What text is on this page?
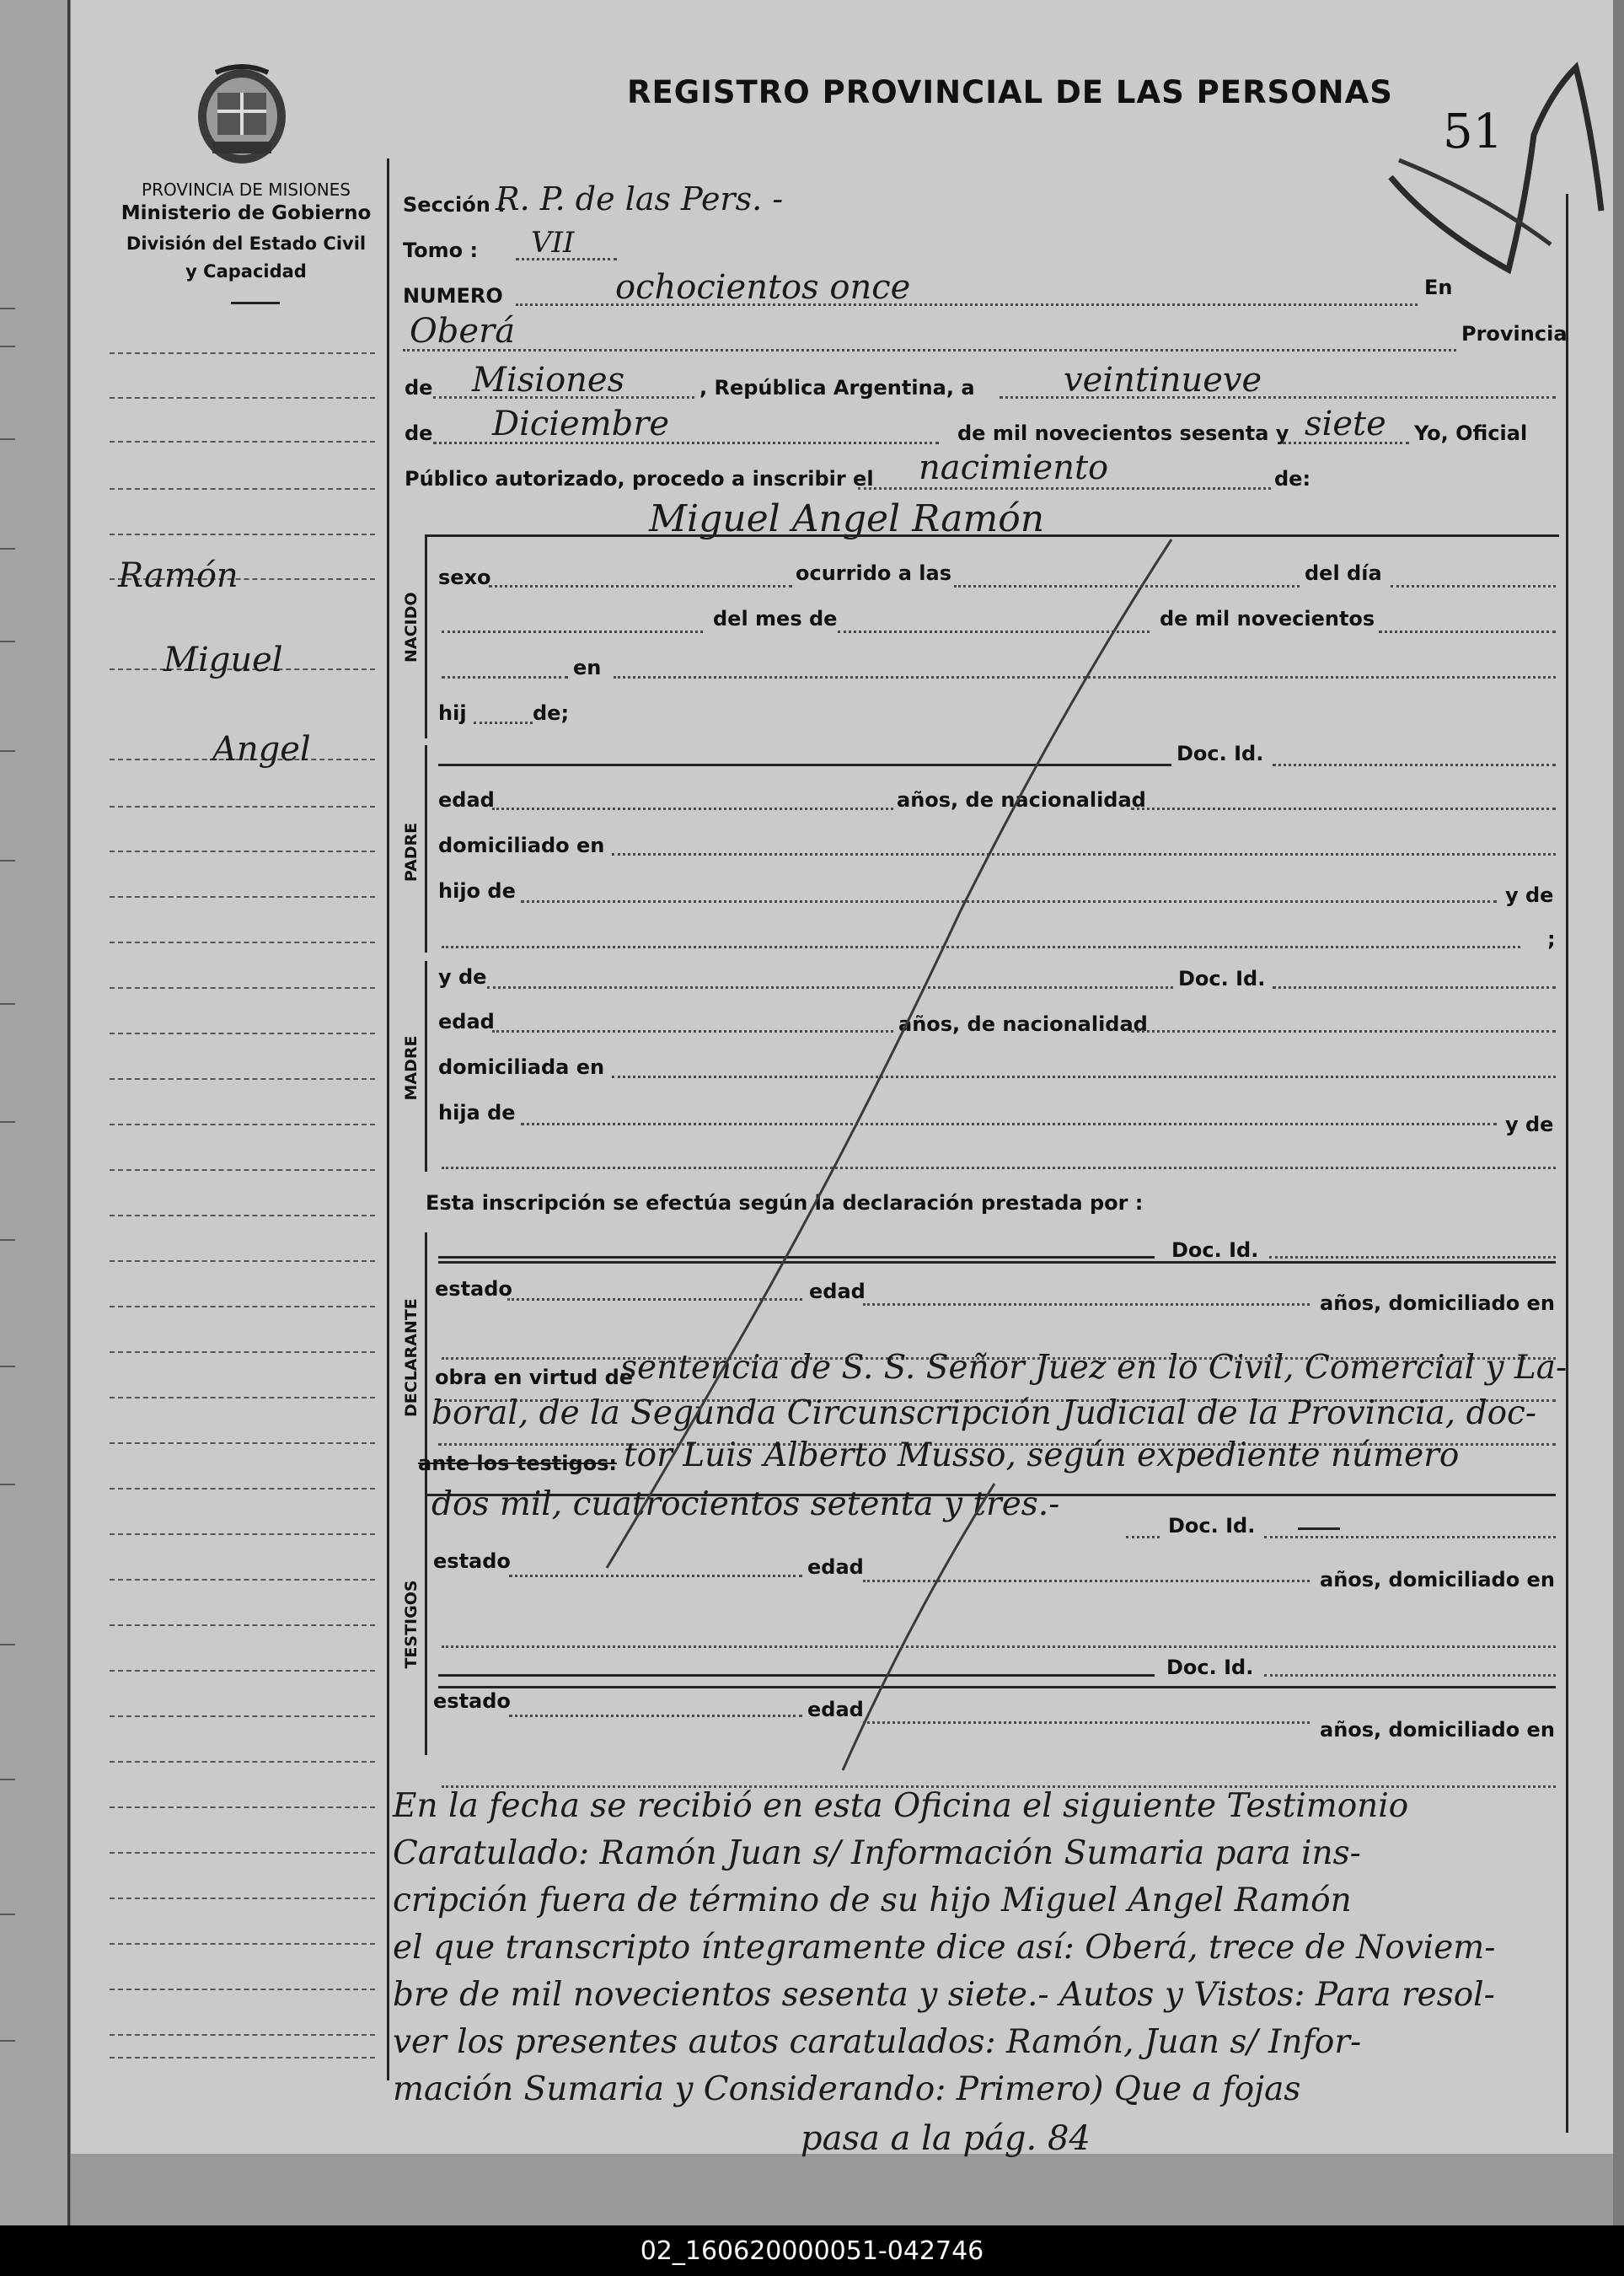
REGISTRO PROVINCIAL DE LAS PERSONAS
51
PROVINCIA DE MISIONES
Ministerio de Gobierno
División del Estado Civil
y Capacidad
Ramón
Miguel
Angel
Sección :
R. P. de las Pers. -
Tomo : VII
NUMERO	ochocientos once	En
Oberá	Provincia
de Misiones	, República Argentina, a	veintinueve
de Diciembre	de mil novecientos sesenta y siete Yo, Oficial
Público autorizado, procedo a inscribir el nacimiento	de:
Miguel Angel Ramón
NACIDO
sexo	ocurrido a las	del día
del mes de	de mil novecientos
en
hij	de;
PADRE
Doc. Id.
edad	años, de nacionalidad
domiciliado en
hijo de	y de
;
MADRE
y de	Doc. Id.
edad	años, de nacionalidad
domiciliada en
hija de	y de
Esta inscripción se efectúa según la declaración prestada por :
DECLARANTE
Doc. Id.
estado	edad	años, domiciliado en
obra en virtud de
sentencia de S. S. Señor Juez en lo Civil, Comercial y La-
boral, de la Segunda Circunscripción Judicial de la Provincia, doc-
ante los testigos: tor Luis Alberto Musso, según expediente número
dos mil, cuatrocientos setenta y tres.-
TESTIGOS
Doc. Id.
estado	edad
años, domiciliado en
Doc. Id.
estado	edad
años, domiciliado en
En la fecha se recibió en esta Oficina el siguiente Testimonio
Caratulado: Ramón Juan s/ Información Sumaria para ins-
cripción fuera de término de su hijo Miguel Angel Ramón
el que transcripto íntegramente dice así: Oberá, trece de Noviem-
bre de mil novecientos sesenta y siete.- Autos y Vistos: Para resol-
ver los presentes autos caratulados: Ramón, Juan s/ Infor-
mación Sumaria y Considerando: Primero) Que a fojas
pasa a la pág. 84
02_160620000051-042746
